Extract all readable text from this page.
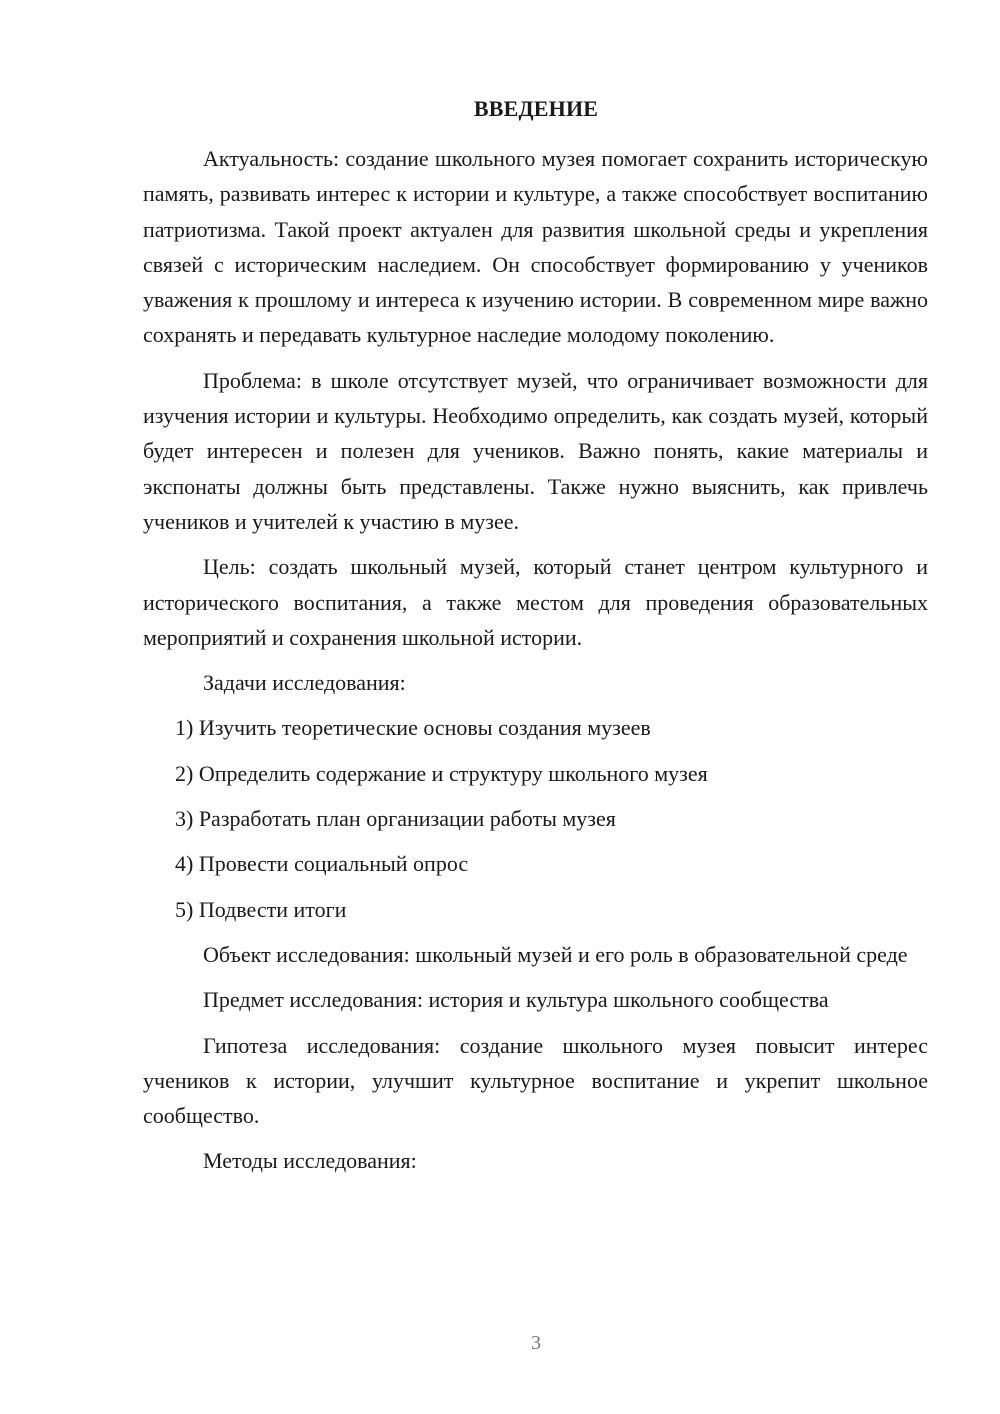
ВВЕДЕНИЕ

Актуальность: создание школьного музея помогает сохранить историческую память, развивать интерес к истории и культуре, а также способствует воспитанию патриотизма. Такой проект актуален для развития школьной среды и укрепления связей с историческим наследием. Он способствует формированию у учеников уважения к прошлому и интереса к изучению истории. В современном мире важно сохранять и передавать культурное наследие молодому поколению.

Проблема: в школе отсутствует музей, что ограничивает возможности для изучения истории и культуры. Необходимо определить, как создать музей, который будет интересен и полезен для учеников. Важно понять, какие материалы и экспонаты должны быть представлены. Также нужно выяснить, как привлечь учеников и учителей к участию в музее.

Цель: создать школьный музей, который станет центром культурного и исторического воспитания, а также местом для проведения образовательных мероприятий и сохранения школьной истории.

Задачи исследования:

1) Изучить теоретические основы создания музеев
2) Определить содержание и структуру школьного музея
3) Разработать план организации работы музея
4) Провести социальный опрос
5) Подвести итоги

Объект исследования: школьный музей и его роль в образовательной среде

Предмет исследования: история и культура школьного сообщества

Гипотеза исследования: создание школьного музея повысит интерес учеников к истории, улучшит культурное воспитание и укрепит школьное сообщество.

Методы исследования:

3
